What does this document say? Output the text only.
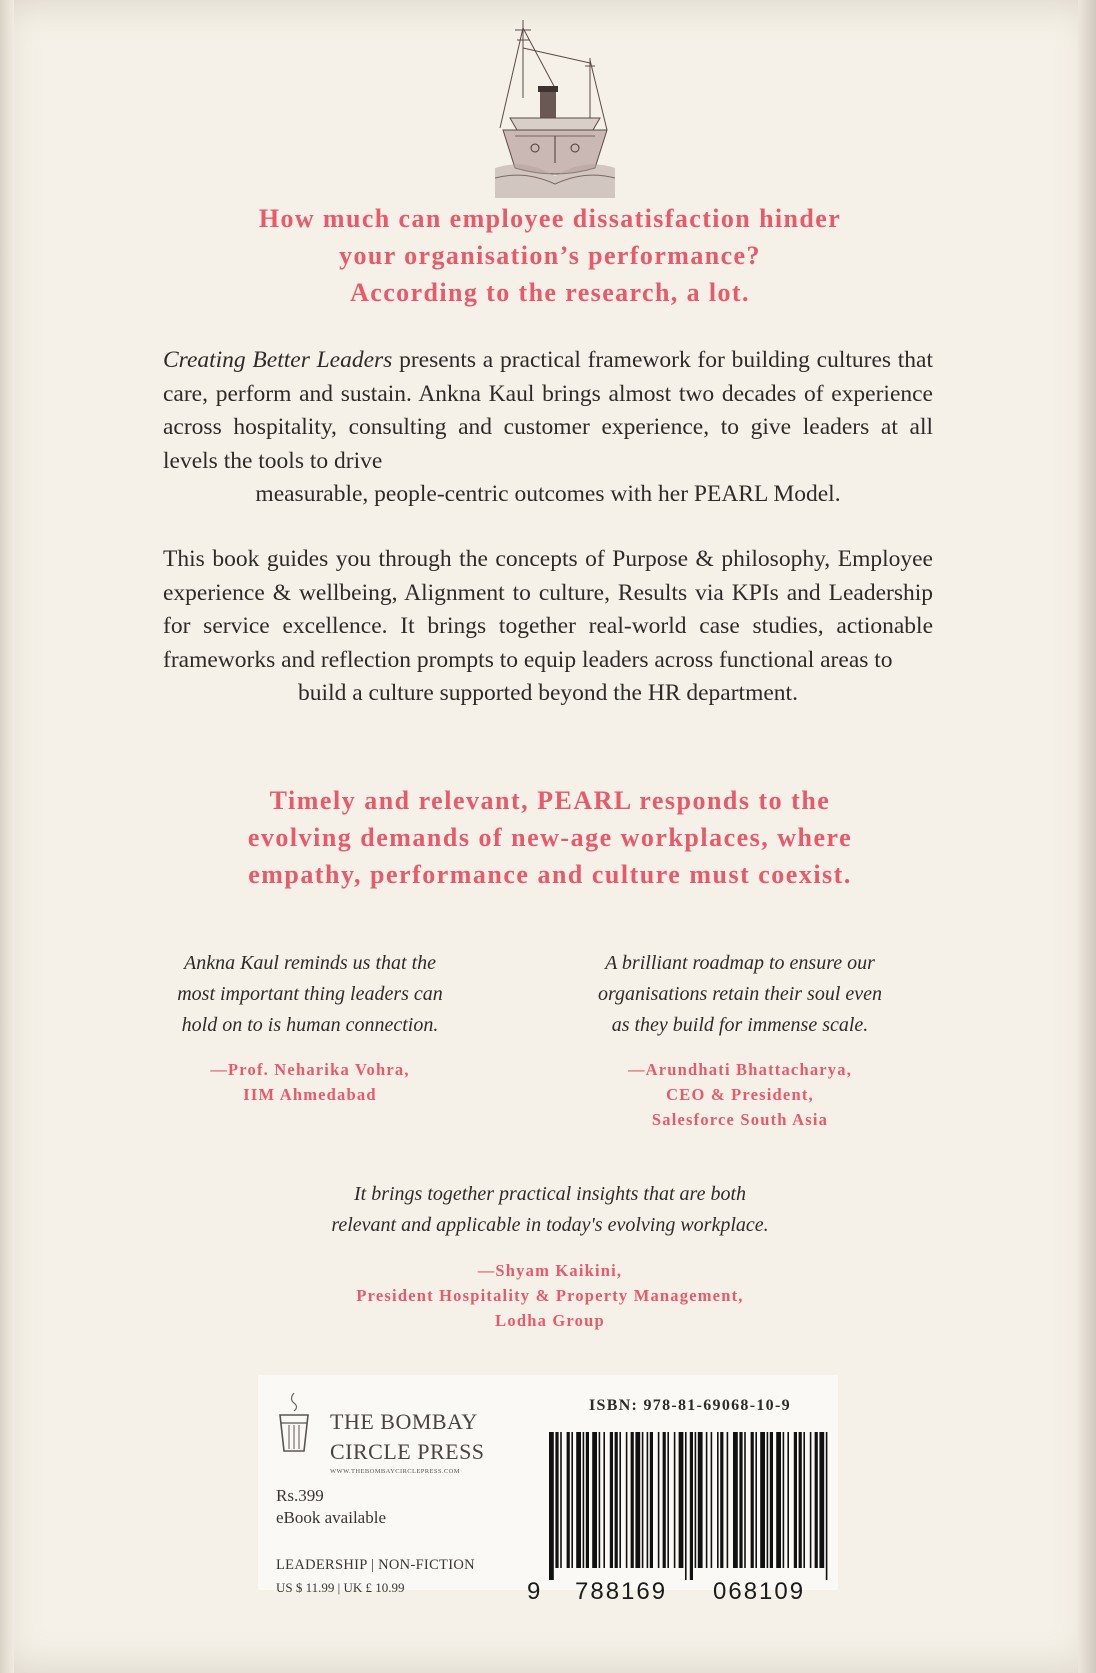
How much can employee dissatisfaction hinder
your organisation’s performance?
According to the research, a lot.
Creating Better Leaders presents a practical framework for building cultures that care, perform and sustain. Ankna Kaul brings almost two decades of experience across hospitality, consulting and customer experience, to give leaders at all levels the tools to drive
measurable, people-centric outcomes with her PEARL Model.
This book guides you through the concepts of Purpose & philosophy, Employee experience & wellbeing, Alignment to culture, Results via KPIs and Leadership for service excellence. It brings together real-world case studies, actionable frameworks and reflection prompts to equip leaders across functional areas to
build a culture supported beyond the HR department.
Timely and relevant, PEARL responds to the
evolving demands of new-age workplaces, where
empathy, performance and culture must coexist.
Ankna Kaul reminds us that the
most important thing leaders can
hold on to is human connection.
—Prof. Neharika Vohra,
IIM Ahmedabad
A brilliant roadmap to ensure our
organisations retain their soul even
as they build for immense scale.
—Arundhati Bhattacharya,
CEO & President,
Salesforce South Asia
It brings together practical insights that are both
relevant and applicable in today's evolving workplace.
—Shyam Kaikini,
President Hospitality & Property Management,
Lodha Group
THE BOMBAY
CIRCLE PRESS
WWW.THEBOMBAYCIRCLEPRESS.COM
Rs.399
eBook available
LEADERSHIP | NON-FICTION
US $ 11.99 | UK £ 10.99
ISBN: 978-81-69068-10-9
9 788169 068109
